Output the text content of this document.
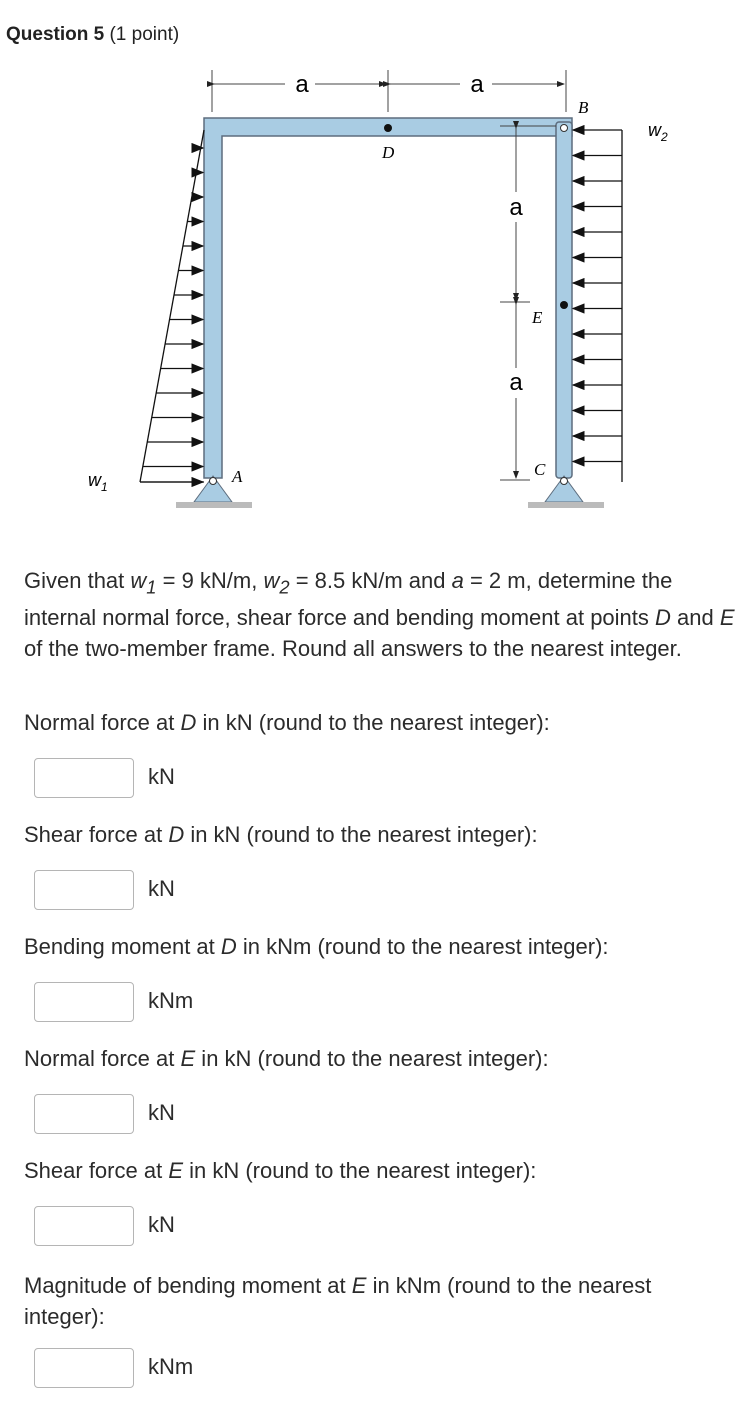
Question 5 (1 point)
a	a
B
D
E
A	C
a
a
$w_1$
$w_2$
Given that $w_1 = 9$ kN/m, $w_2 = 8.5$ kN/m and a = 2 m, determine the internal normal force, shear force and bending moment at points D and E of the two-member frame. Round all answers to the nearest integer.
Normal force at D in kN (round to the nearest integer):
kN
Shear force at D in kN (round to the nearest integer):
kN
Bending moment at D in kNm (round to the nearest integer):
kNm
Normal force at E in kN (round to the nearest integer):
kN
Shear force at E in kN (round to the nearest integer):
kN
Magnitude of bending moment at E in kNm (round to the nearest integer):
kNm
